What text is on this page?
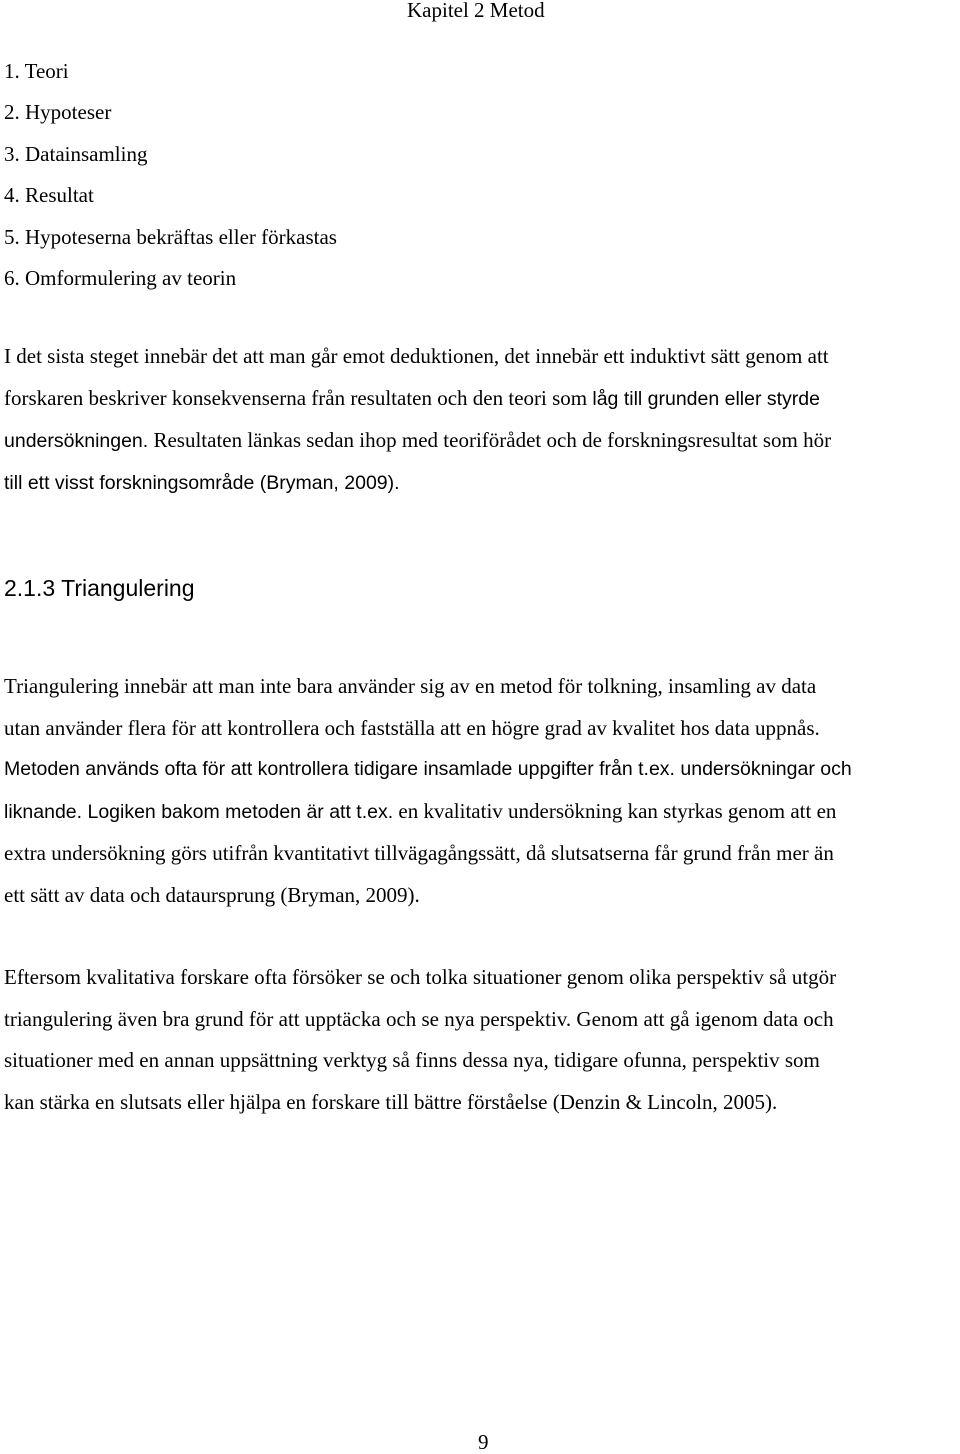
Kapitel 2 Metod
1. Teori
2. Hypoteser
3. Datainsamling
4. Resultat
5. Hypoteserna bekräftas eller förkastas
6. Omformulering av teorin

I det sista steget innebär det att man går emot deduktionen, det innebär ett induktivt sätt genom att
forskaren beskriver konsekvenserna från resultaten och den teori som låg till grunden eller styrde
undersökningen. Resultaten länkas sedan ihop med teoriförådet och de forskningsresultat som hör
till ett visst forskningsområde (Bryman, 2009).

2.1.3 Triangulering

Triangulering innebär att man inte bara använder sig av en metod för tolkning, insamling av data
utan använder flera för att kontrollera och fastställa att en högre grad av kvalitet hos data uppnås.
Metoden används ofta för att kontrollera tidigare insamlade uppgifter från t.ex. undersökningar och
liknande. Logiken bakom metoden är att t.ex. en kvalitativ undersökning kan styrkas genom att en
extra undersökning görs utifrån kvantitativt tillvägagångssätt, då slutsatserna får grund från mer än
ett sätt av data och dataursprung (Bryman, 2009).

Eftersom kvalitativa forskare ofta försöker se och tolka situationer genom olika perspektiv så utgör
triangulering även bra grund för att upptäcka och se nya perspektiv. Genom att gå igenom data och
situationer med en annan uppsättning verktyg så finns dessa nya, tidigare ofunna, perspektiv som
kan stärka en slutsats eller hjälpa en forskare till bättre förståelse (Denzin & Lincoln, 2005).

9
